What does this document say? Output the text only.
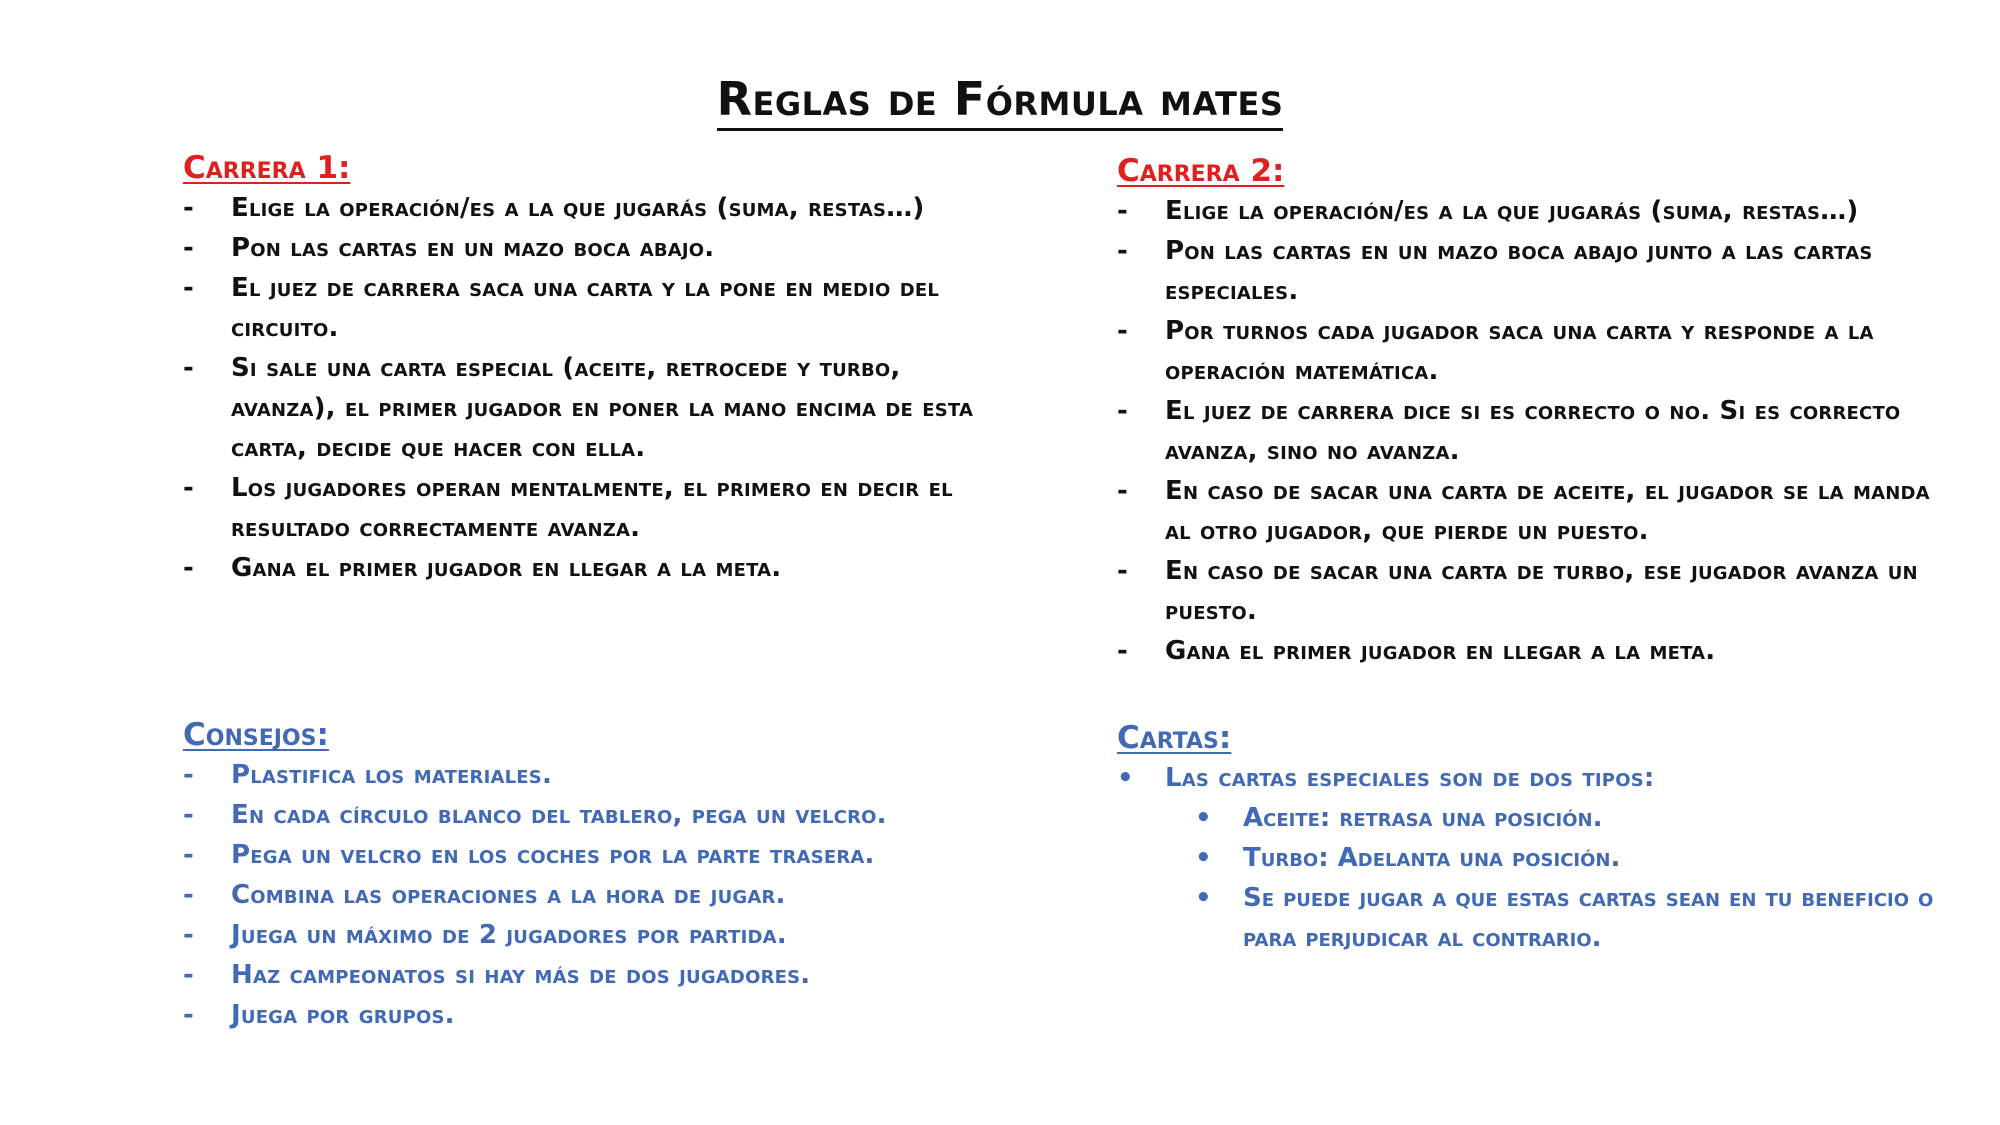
Reglas de Fórmula mates
Carrera 1:
- Elige la operación/es a la que jugarás (suma, restas…)
- Pon las cartas en un mazo boca abajo.
- El juez de carrera saca una carta y la pone en medio del circuito.
- Si sale una carta especial (aceite, retrocede y turbo, avanza), el primer jugador en poner la mano encima de esta carta, decide que hacer con ella.
- Los jugadores operan mentalmente, el primero en decir el resultado correctamente avanza.
- Gana el primer jugador en llegar a la meta.
Carrera 2:
- Elige la operación/es a la que jugarás (suma, restas…)
- Pon las cartas en un mazo boca abajo junto a las cartas especiales.
- Por turnos cada jugador saca una carta y responde a la operación matemática.
- El juez de carrera dice si es correcto o no. Si es correcto avanza, sino no avanza.
- En caso de sacar una carta de aceite, el jugador se la manda al otro jugador, que pierde un puesto.
- En caso de sacar una carta de turbo, ese jugador avanza un puesto.
- Gana el primer jugador en llegar a la meta.
Consejos:
- Plastifica los materiales.
- En cada círculo blanco del tablero, pega un velcro.
- Pega un velcro en los coches por la parte trasera.
- Combina las operaciones a la hora de jugar.
- Juega un máximo de 2 jugadores por partida.
- Haz campeonatos si hay más de dos jugadores.
- Juega por grupos.
Cartas:
• Las cartas especiales son de dos tipos:
• Aceite: retrasa una posición.
• Turbo: Adelanta una posición.
• Se puede jugar a que estas cartas sean en tu beneficio o para perjudicar al contrario.
